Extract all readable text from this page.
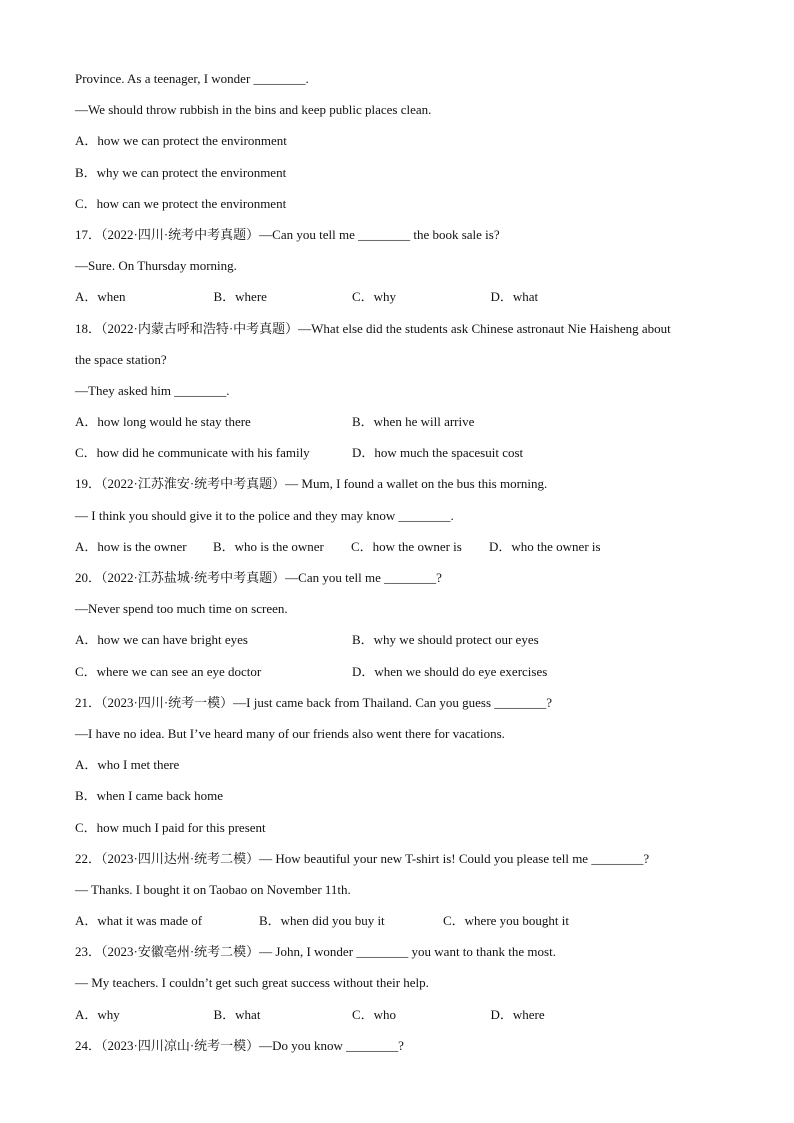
Province. As a teenager, I wonder ________.
—We should throw rubbish in the bins and keep public places clean.
A．how we can protect the environment
B．why we can protect the environment
C．how can we protect the environment
17．（2022·四川·统考中考真题）—Can you tell me ________ the book sale is?
—Sure. On Thursday morning.
A．when	B．where	C．why	D．what
18．（2022·内蒙古呼和浩特·中考真题）—What else did the students ask Chinese astronaut Nie Haisheng about
the space station?
—They asked him ________.
A．how long would he stay there	B．when he will arrive
C．how did he communicate with his family	D．how much the spacesuit cost
19．（2022·江苏淮安·统考中考真题）— Mum, I found a wallet on the bus this morning.
— I think you should give it to the police and they may know ________.
A．how is the owner	B．who is the owner	C．how the owner is	D．who the owner is
20．（2022·江苏盐城·统考中考真题）—Can you tell me ________?
—Never spend too much time on screen.
A．how we can have bright eyes	B．why we should protect our eyes
C．where we can see an eye doctor	D．when we should do eye exercises
21．（2023·四川·统考一模）—I just came back from Thailand. Can you guess ________?
—I have no idea. But I’ve heard many of our friends also went there for vacations.
A．who I met there
B．when I came back home
C．how much I paid for this present
22．（2023·四川达州·统考二模）— How beautiful your new T-shirt is! Could you please tell me ________?
— Thanks. I bought it on Taobao on November 11th.
A．what it was made of	B．when did you buy it	C．where you bought it
23．（2023·安徽亳州·统考二模）— John, I wonder ________ you want to thank the most.
— My teachers. I couldn’t get such great success without their help.
A．why	B．what	C．who	D．where
24．（2023·四川凉山·统考一模）—Do you know ________?
